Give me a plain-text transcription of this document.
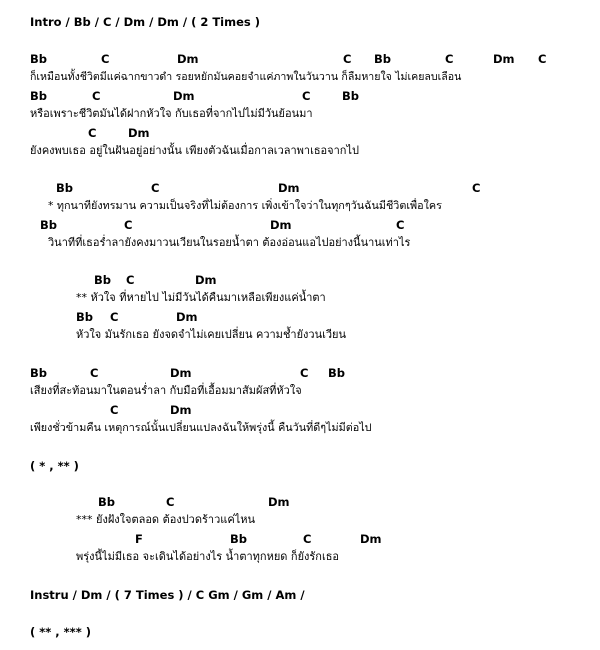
Intro / Bb / C / Dm / Dm / ( 2 Times )
Bb	C	Dm	C Bb	C	Dm C
ก็เหมือนทั้งชีวิตมีแค่ฉากขาวดำ รอยหยักมันคอยจำแค่ภาพในวันวาน ก็ลืมหายใจ ไม่เคยลบเลือน
Bb	C	Dm	C	Bb
หรือเพราะชีวิตมันได้ฝากหัวใจ กับเธอที่จากไปไม่มีวันย้อนมา
C	Dm
ยังคงพบเธอ อยู่ในฝันอยู่อย่างนั้น เพียงตัวฉันเมื่อกาลเวลาพาเธอจากไป
Bb	C	Dm	C
* ทุกนาทียังทรมาน ความเป็นจริงที่ไม่ต้องการ เพิ่งเข้าใจว่าในทุกๆวันฉันมีชีวิตเพื่อใคร
Bb	C	Dm	C
วินาทีที่เธอร่ำลายังคงมาวนเวียนในรอยน้ำตา ต้องอ่อนแอไปอย่างนี้นานเท่าไร
Bb C	Dm
** หัวใจ ที่หายไป ไม่มีวันได้คืนมาเหลือเพียงแค่น้ำตา
Bb C	Dm
หัวใจ มันรักเธอ ยังจดจำไม่เคยเปลี่ยน ความช้ำยังวนเวียน
Bb	C	Dm	C Bb
เสียงที่สะท้อนมาในตอนร่ำลา กับมือที่เอื้อมมาสัมผัสที่หัวใจ
C	Dm
เพียงชั่วข้ามคืน เหตุการณ์นั้นเปลี่ยนแปลงฉันให้พรุ่งนี้ คืนวันที่ดีๆไม่มีต่อไป
( * , ** )
Bb	C	Dm
*** ยังฝังใจตลอด ต้องปวดร้าวแค่ไหน
F	Bb	C	Dm
พรุ่งนี้ไม่มีเธอ จะเดินได้อย่างไร น้ำตาทุกหยด ก็ยังรักเธอ
Instru / Dm / ( 7 Times ) / C Gm / Gm / Am /
( ** , *** )
